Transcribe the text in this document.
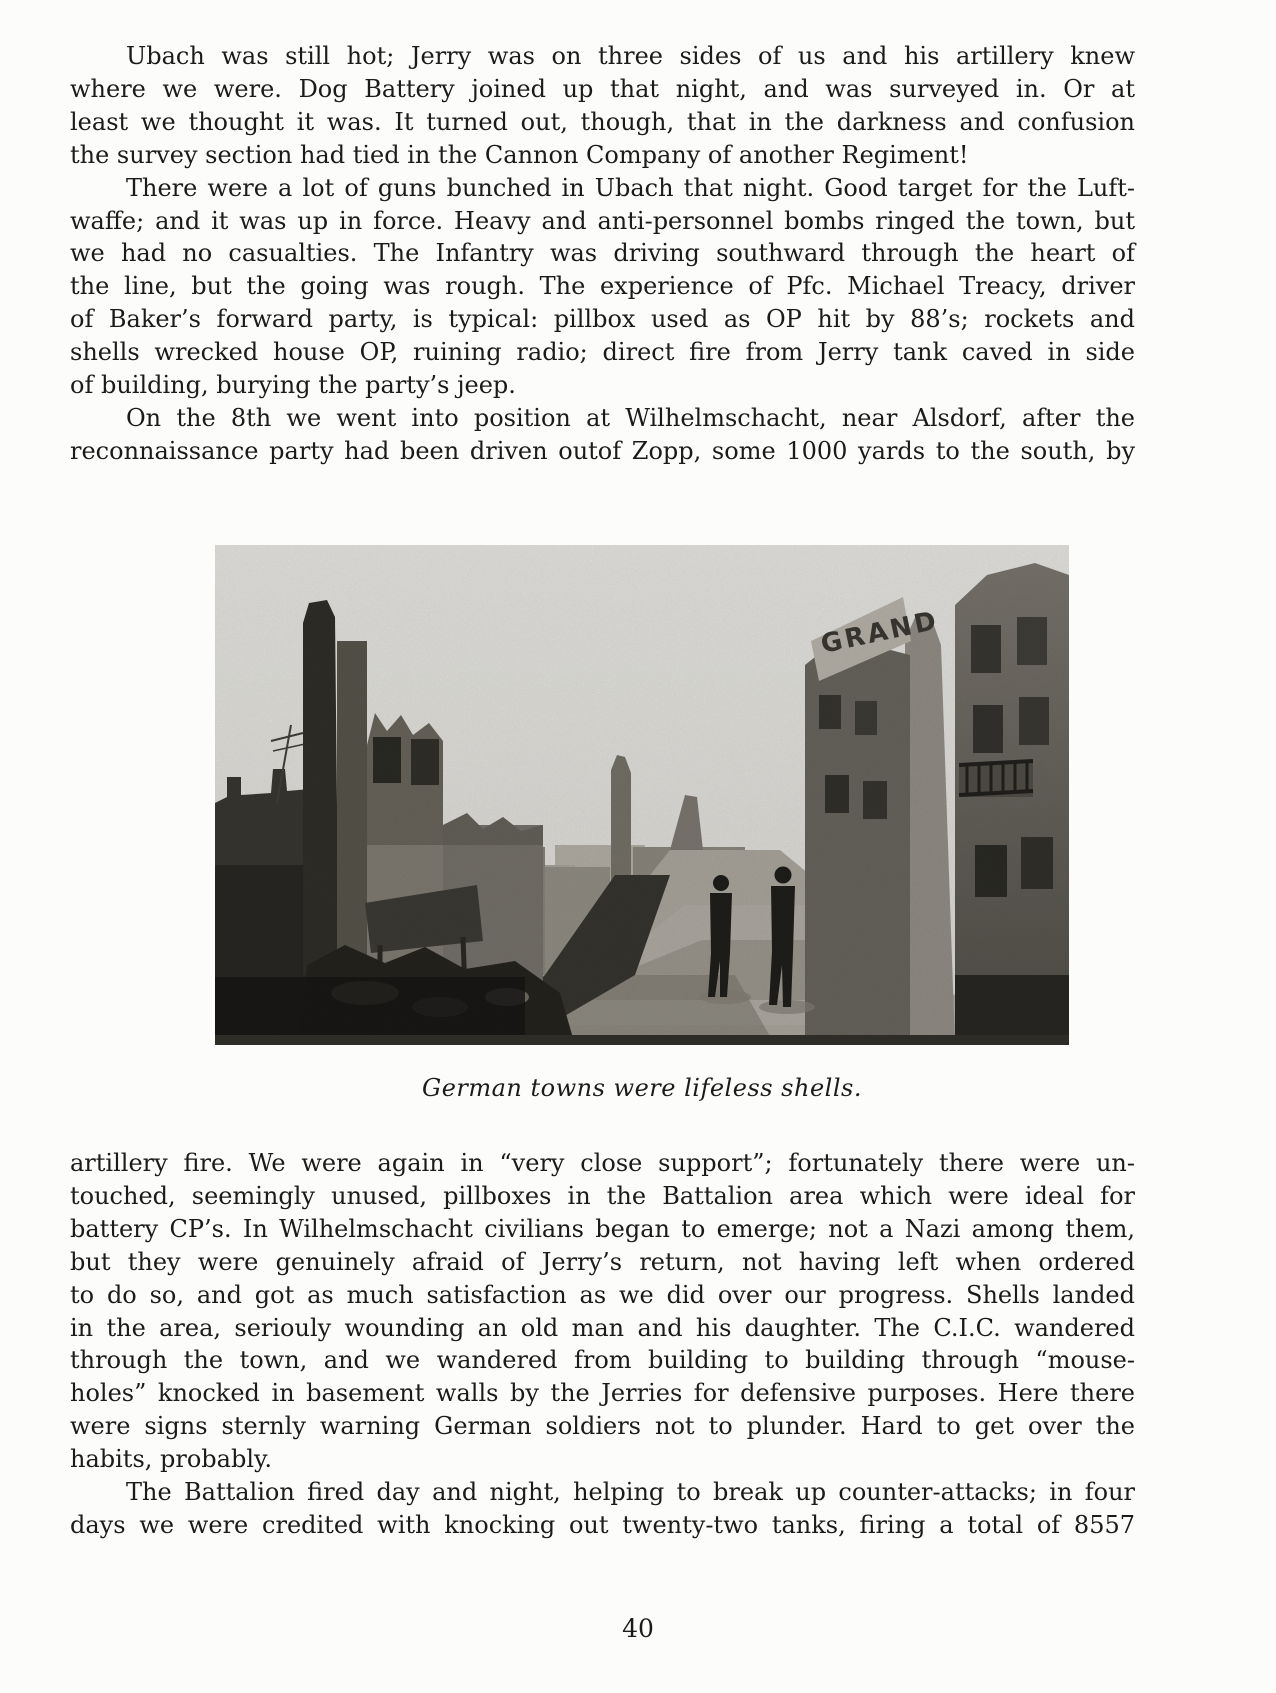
Ubach was still hot; Jerry was on three sides of us and his artillery knew
where we were. Dog Battery joined up that night, and was surveyed in. Or at
least we thought it was. It turned out, though, that in the darkness and confusion
the survey section had tied in the Cannon Company of another Regiment!
There were a lot of guns bunched in Ubach that night. Good target for the Luft-
waffe; and it was up in force. Heavy and anti-personnel bombs ringed the town, but
we had no casualties. The Infantry was driving southward through the heart of
the line, but the going was rough. The experience of Pfc. Michael Treacy, driver
of Baker’s forward party, is typical: pillbox used as OP hit by 88’s; rockets and
shells wrecked house OP, ruining radio; direct fire from Jerry tank caved in side
of building, burying the party’s jeep.
On the 8th we went into position at Wilhelmschacht, near Alsdorf, after the
reconnaissance party had been driven outof Zopp, some 1000 yards to the south, by
GRAND
German towns were lifeless shells.
artillery fire. We were again in “very close support”; fortunately there were un-
touched, seemingly unused, pillboxes in the Battalion area which were ideal for
battery CP’s. In Wilhelmschacht civilians began to emerge; not a Nazi among them,
but they were genuinely afraid of Jerry’s return, not having left when ordered
to do so, and got as much satisfaction as we did over our progress. Shells landed
in the area, seriouly wounding an old man and his daughter. The C.I.C. wandered
through the town, and we wandered from building to building through “mouse-
holes” knocked in basement walls by the Jerries for defensive purposes. Here there
were signs sternly warning German soldiers not to plunder. Hard to get over the
habits, probably.
The Battalion fired day and night, helping to break up counter-attacks; in four
days we were credited with knocking out twenty-two tanks, firing a total of 8557
40
